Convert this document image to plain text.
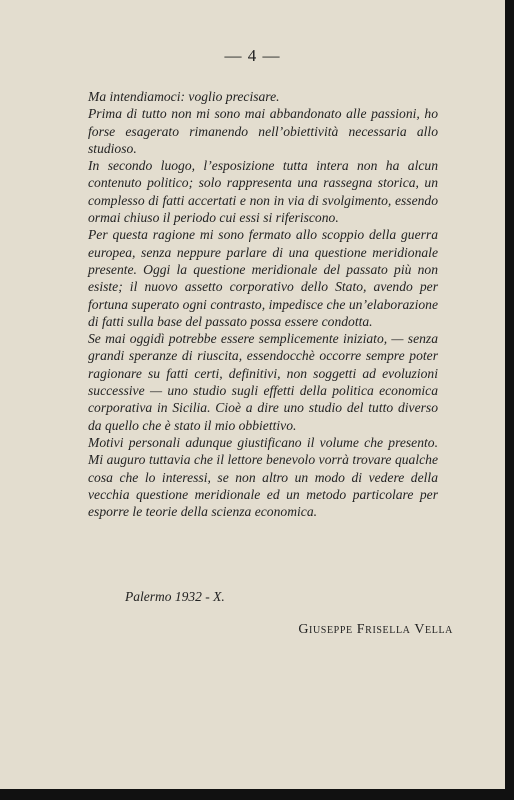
— 4 —

Ma intendiamoci: voglio precisare.

Prima di tutto non mi sono mai abbandonato alle passioni, ho forse esagerato rimanendo nell’obiettività necessaria allo studioso.

In secondo luogo, l’esposizione tutta intera non ha alcun contenuto politico; solo rappresenta una rassegna storica, un complesso di fatti accertati e non in via di svolgimento, essendo ormai chiuso il periodo cui essi si riferiscono.

Per questa ragione mi sono fermato allo scoppio della guerra europea, senza neppure parlare di una questione meridionale presente. Oggi la questione meridionale del passato più non esiste; il nuovo assetto corporativo dello Stato, avendo per fortuna superato ogni contrasto, impedisce che un’elaborazione di fatti sulla base del passato possa essere condotta.

Se mai oggidì potrebbe essere semplicemente iniziato, — senza grandi speranze di riuscita, essendocchè occorre sempre poter ragionare su fatti certi, definitivi, non soggetti ad evoluzioni successive — uno studio sugli effetti della politica economica corporativa in Sicilia. Cioè a dire uno studio del tutto diverso da quello che è stato il mio obbiettivo.

Motivi personali adunque giustificano il volume che presento. Mi auguro tuttavia che il lettore benevolo vorrà trovare qualche cosa che lo interessi, se non altro un modo di vedere della vecchia questione meridionale ed un metodo particolare per esporre le teorie della scienza economica.

Palermo 1932 - X.
Giuseppe Frisella Vella
